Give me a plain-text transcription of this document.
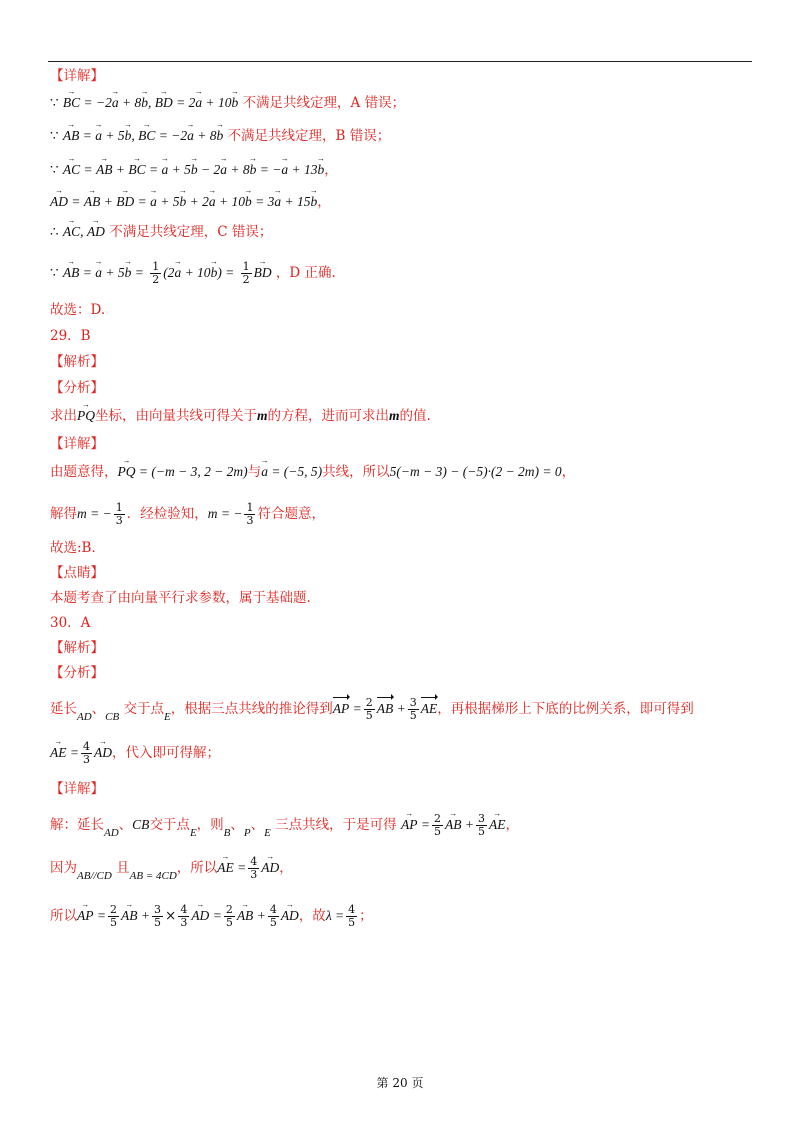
【详解】
∵ → BC = −2→ a + 8→ b, → BD = 2→ a + 10→ b 不满足共线定理，A 错误；
∵ → AB = → a + 5→ b, → BC = −2→ a + 8→ b 不满足共线定理，B 错误；
∵ → AC = → AB + → BC = → a + 5→ b − 2→ a + 8→ b = −→ a + 13→ b，
→ AD = → AB + → BD = → a + 5→ b + 2→ a + 10→ b = 3→ a + 15→ b，
∴ → AC, → AD 不满足共线定理，C 错误；
∵ → AB = → $a + 5\to b = \frac{1}{2} (2\to a + 10\to b) = \frac{1}{2}$ → BD ，D 正确.
故选：D.
29．B
【解析】
【分析】
求出→ PQ坐标，由向量共线可得关于m的方程，进而可求出m的值.
【详解】
由题意得，→ PQ = (−m − 3, 2 − 2m)与→ a = (−5, 5)共线，所以5(−m − 3) − (−5)·(2 − 2m) = 0，
解得m = − $\frac{1}{3}$ ．经检验知，m = − $\frac{1}{3}$ 符合题意，
故选:B．
【点睛】
本题考查了由向量平行求参数，属于基础题.
30．A
【解析】
【分析】
延长$_{AD}$、$_{CB}$ 交于点$_E$，根据三点共线的推论得到AP = $\frac{2}{5}$ AB + $\frac{3}{5}$ AE，再根据梯形上下底的比例关系，即可得到
→ AE = $\frac{4}{3}$ → AD，代入即可得解；
【详解】
解：延长$_{AD}$、CB交于点$_E$，则$_B$、$_P$、$_E$ 三点共线，于是可得 → AP = $\frac{2}{5}$ → AB + $\frac{3}{5}$ → AE，
因为$_{AB//CD}$ 且$_{AB = 4CD}$，所以→ AE = $\frac{4}{3}$ → AD，
所以→ AP = $\frac{2}{5}$ → AB + $\frac{3}{5} \times \frac{4}{3}$ → AD = $\frac{2}{5}$ → AB + $\frac{4}{5}$ → AD，故$\lambda = \frac{4}{5}$ ；
第 20 页
